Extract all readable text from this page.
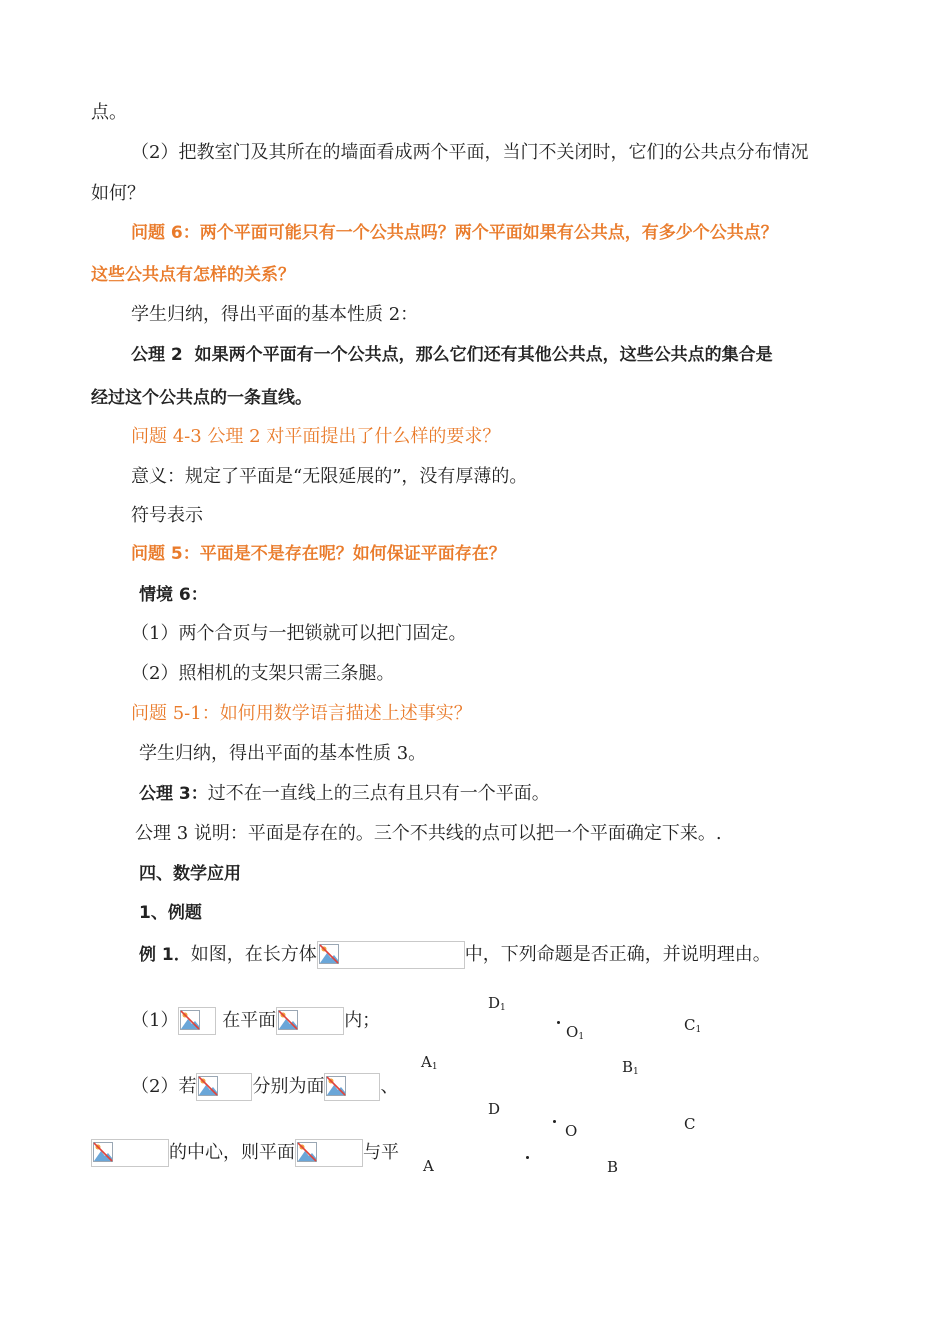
点。
（2）把教室门及其所在的墙面看成两个平面，当门不关闭时，它们的公共点分布情况
如何？
问题 6：两个平面可能只有一个公共点吗？两个平面如果有公共点，有多少个公共点？
这些公共点有怎样的关系？
学生归纳，得出平面的基本性质 2：
公理 2 如果两个平面有一个公共点，那么它们还有其他公共点，这些公共点的集合是
经过这个公共点的一条直线。
问题 4-3 公理 2 对平面提出了什么样的要求？
意义：规定了平面是“无限延展的”，没有厚薄的。
符号表示
问题 5：平面是不是存在呢？如何保证平面存在？
情境 6：
（1）两个合页与一把锁就可以把门固定。
（2）照相机的支架只需三条腿。
问题 5-1：如何用数学语言描述上述事实？
学生归纳，得出平面的基本性质 3。
公理 3：过不在一直线上的三点有且只有一个平面。
公理 3 说明：平面是存在的。三个不共线的点可以把一个平面确定下来。.
四、数学应用
1、例题
例 1．如图，在长方体	中，下列命题是否正确，并说明理由。
（1） 在平面	内；
（2）若	分别为面	、
的中心，则平面	与平
$D_1$
$O_1$
$C_1$
$A_1$	$B_1$
D
O	C
A	B
